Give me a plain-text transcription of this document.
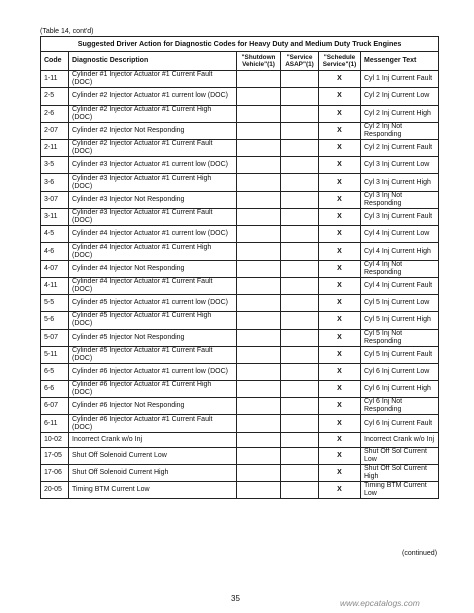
(Table 14, cont'd)
Suggested Driver Action for Diagnostic Codes for Heavy Duty and Medium Duty Truck Engines					
Code	Diagnostic Description	"Shutdown Vehicle"(1)	"Service ASAP"(1)	"Schedule Service"(1)	Messenger Text
1-11	Cylinder #1 Injector Actuator #1 Current Fault (DOC)			X	Cyl 1 Inj Current Fault
2-5	Cylinder #2 Injector Actuator #1 current low (DOC)			X	Cyl 2 Inj Current Low
2-6	Cylinder #2 Injector Actuator #1 Current High (DOC)			X	Cyl 2 Inj Current High
2-07	Cylinder #2 Injector Not Responding			X	Cyl 2 Inj Not Responding
2-11	Cylinder #2 Injector Actuator #1 Current Fault (DOC)			X	Cyl 2 Inj Current Fault
3-5	Cylinder #3 Injector Actuator #1 current low (DOC)			X	Cyl 3 Inj Current Low
3-6	Cylinder #3 Injector Actuator #1 Current High (DOC)			X	Cyl 3 Inj Current High
3-07	Cylinder #3 Injector Not Responding			X	Cyl 3 Inj Not Responding
3-11	Cylinder #3 Injector Actuator #1 Current Fault (DOC)			X	Cyl 3 Inj Current Fault
4-5	Cylinder #4 Injector Actuator #1 current low (DOC)			X	Cyl 4 Inj Current Low
4-6	Cylinder #4 Injector Actuator #1 Current High (DOC)			X	Cyl 4 Inj Current High
4-07	Cylinder #4 Injector Not Responding			X	Cyl 4 Inj Not Responding
4-11	Cylinder #4 Injector Actuator #1 Current Fault (DOC)			X	Cyl 4 Inj Current Fault
5-5	Cylinder #5 Injector Actuator #1 current low (DOC)			X	Cyl 5 Inj Current Low
5-6	Cylinder #5 Injector Actuator #1 Current High (DOC)			X	Cyl 5 Inj Current High
5-07	Cylinder #5 Injector Not Responding			X	Cyl 5 Inj Not Responding
5-11	Cylinder #5 Injector Actuator #1 Current Fault (DOC)			X	Cyl 5 Inj Current Fault
6-5	Cylinder #6 Injector Actuator #1 current low (DOC)			X	Cyl 6 Inj Current Low
6-6	Cylinder #6 Injector Actuator #1 Current High (DOC)			X	Cyl 6 Inj Current High
6-07	Cylinder #6 Injector Not Responding			X	Cyl 6 Inj Not Responding
6-11	Cylinder #6 Injector Actuator #1 Current Fault (DOC)			X	Cyl 6 Inj Current Fault
10-02	Incorrect Crank w/o Inj			X	Incorrect Crank w/o Inj
17-05	Shut Off Solenoid Current Low			X	Shut Off Sol Current Low
17-06	Shut Off Solenoid Current High			X	Shut Off Sol Current High
20-05	Timing BTM Current Low			X	Timing BTM Current Low
(continued)
35	www.epcatalogs.com
